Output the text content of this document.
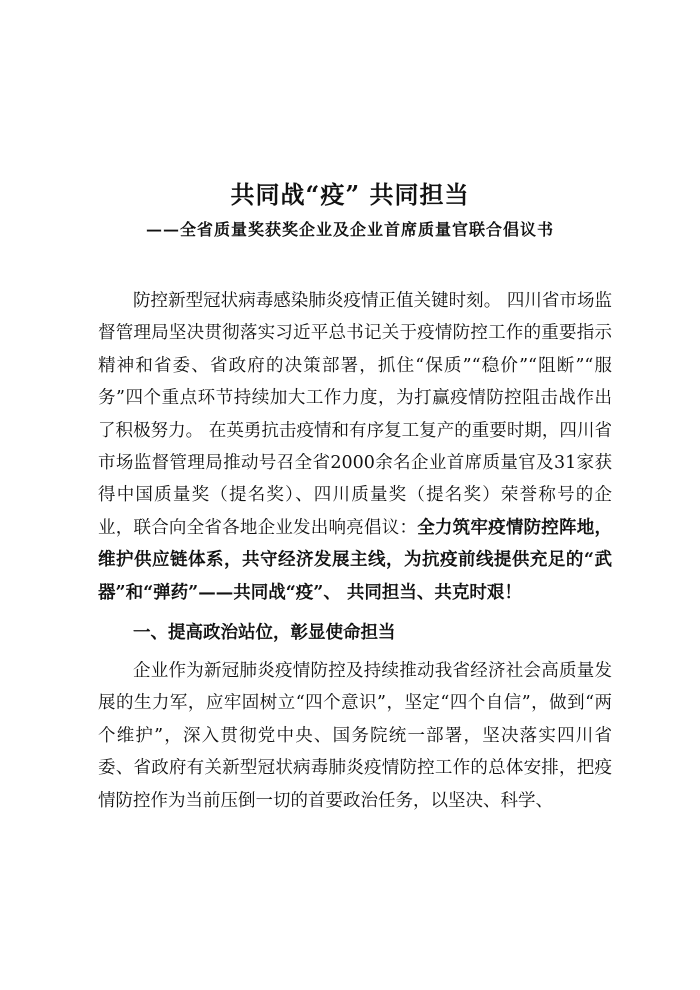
共同战“疫” 共同担当
——全省质量奖获奖企业及企业首席质量官联合倡议书

防控新型冠状病毒感染肺炎疫情正值关键时刻。 四川省市场监督管理局坚决贯彻落实习近平总书记关于疫情防控工作的重要指示精神和省委、省政府的决策部署，抓住“保质”“稳价”“阻断”“服务”四个重点环节持续加大工作力度，为打赢疫情防控阻击战作出了积极努力。 在英勇抗击疫情和有序复工复产的重要时期，四川省市场监督管理局推动号召全省2000余名企业首席质量官及31家获得中国质量奖（提名奖）、四川质量奖（提名奖）荣誉称号的企业，联合向全省各地企业发出响亮倡议：全力筑牢疫情防控阵地，维护供应链体系，共守经济发展主线，为抗疫前线提供充足的“武器”和“弹药”——共同战“疫”、 共同担当、共克时艰！

一、提高政治站位，彰显使命担当

企业作为新冠肺炎疫情防控及持续推动我省经济社会高质量发展的生力军，应牢固树立“四个意识”，坚定“四个自信”，做到“两个维护”，深入贯彻党中央、国务院统一部署，坚决落实四川省委、省政府有关新型冠状病毒肺炎疫情防控工作的总体安排，把疫情防控作为当前压倒一切的首要政治任务，以坚决、科学、
